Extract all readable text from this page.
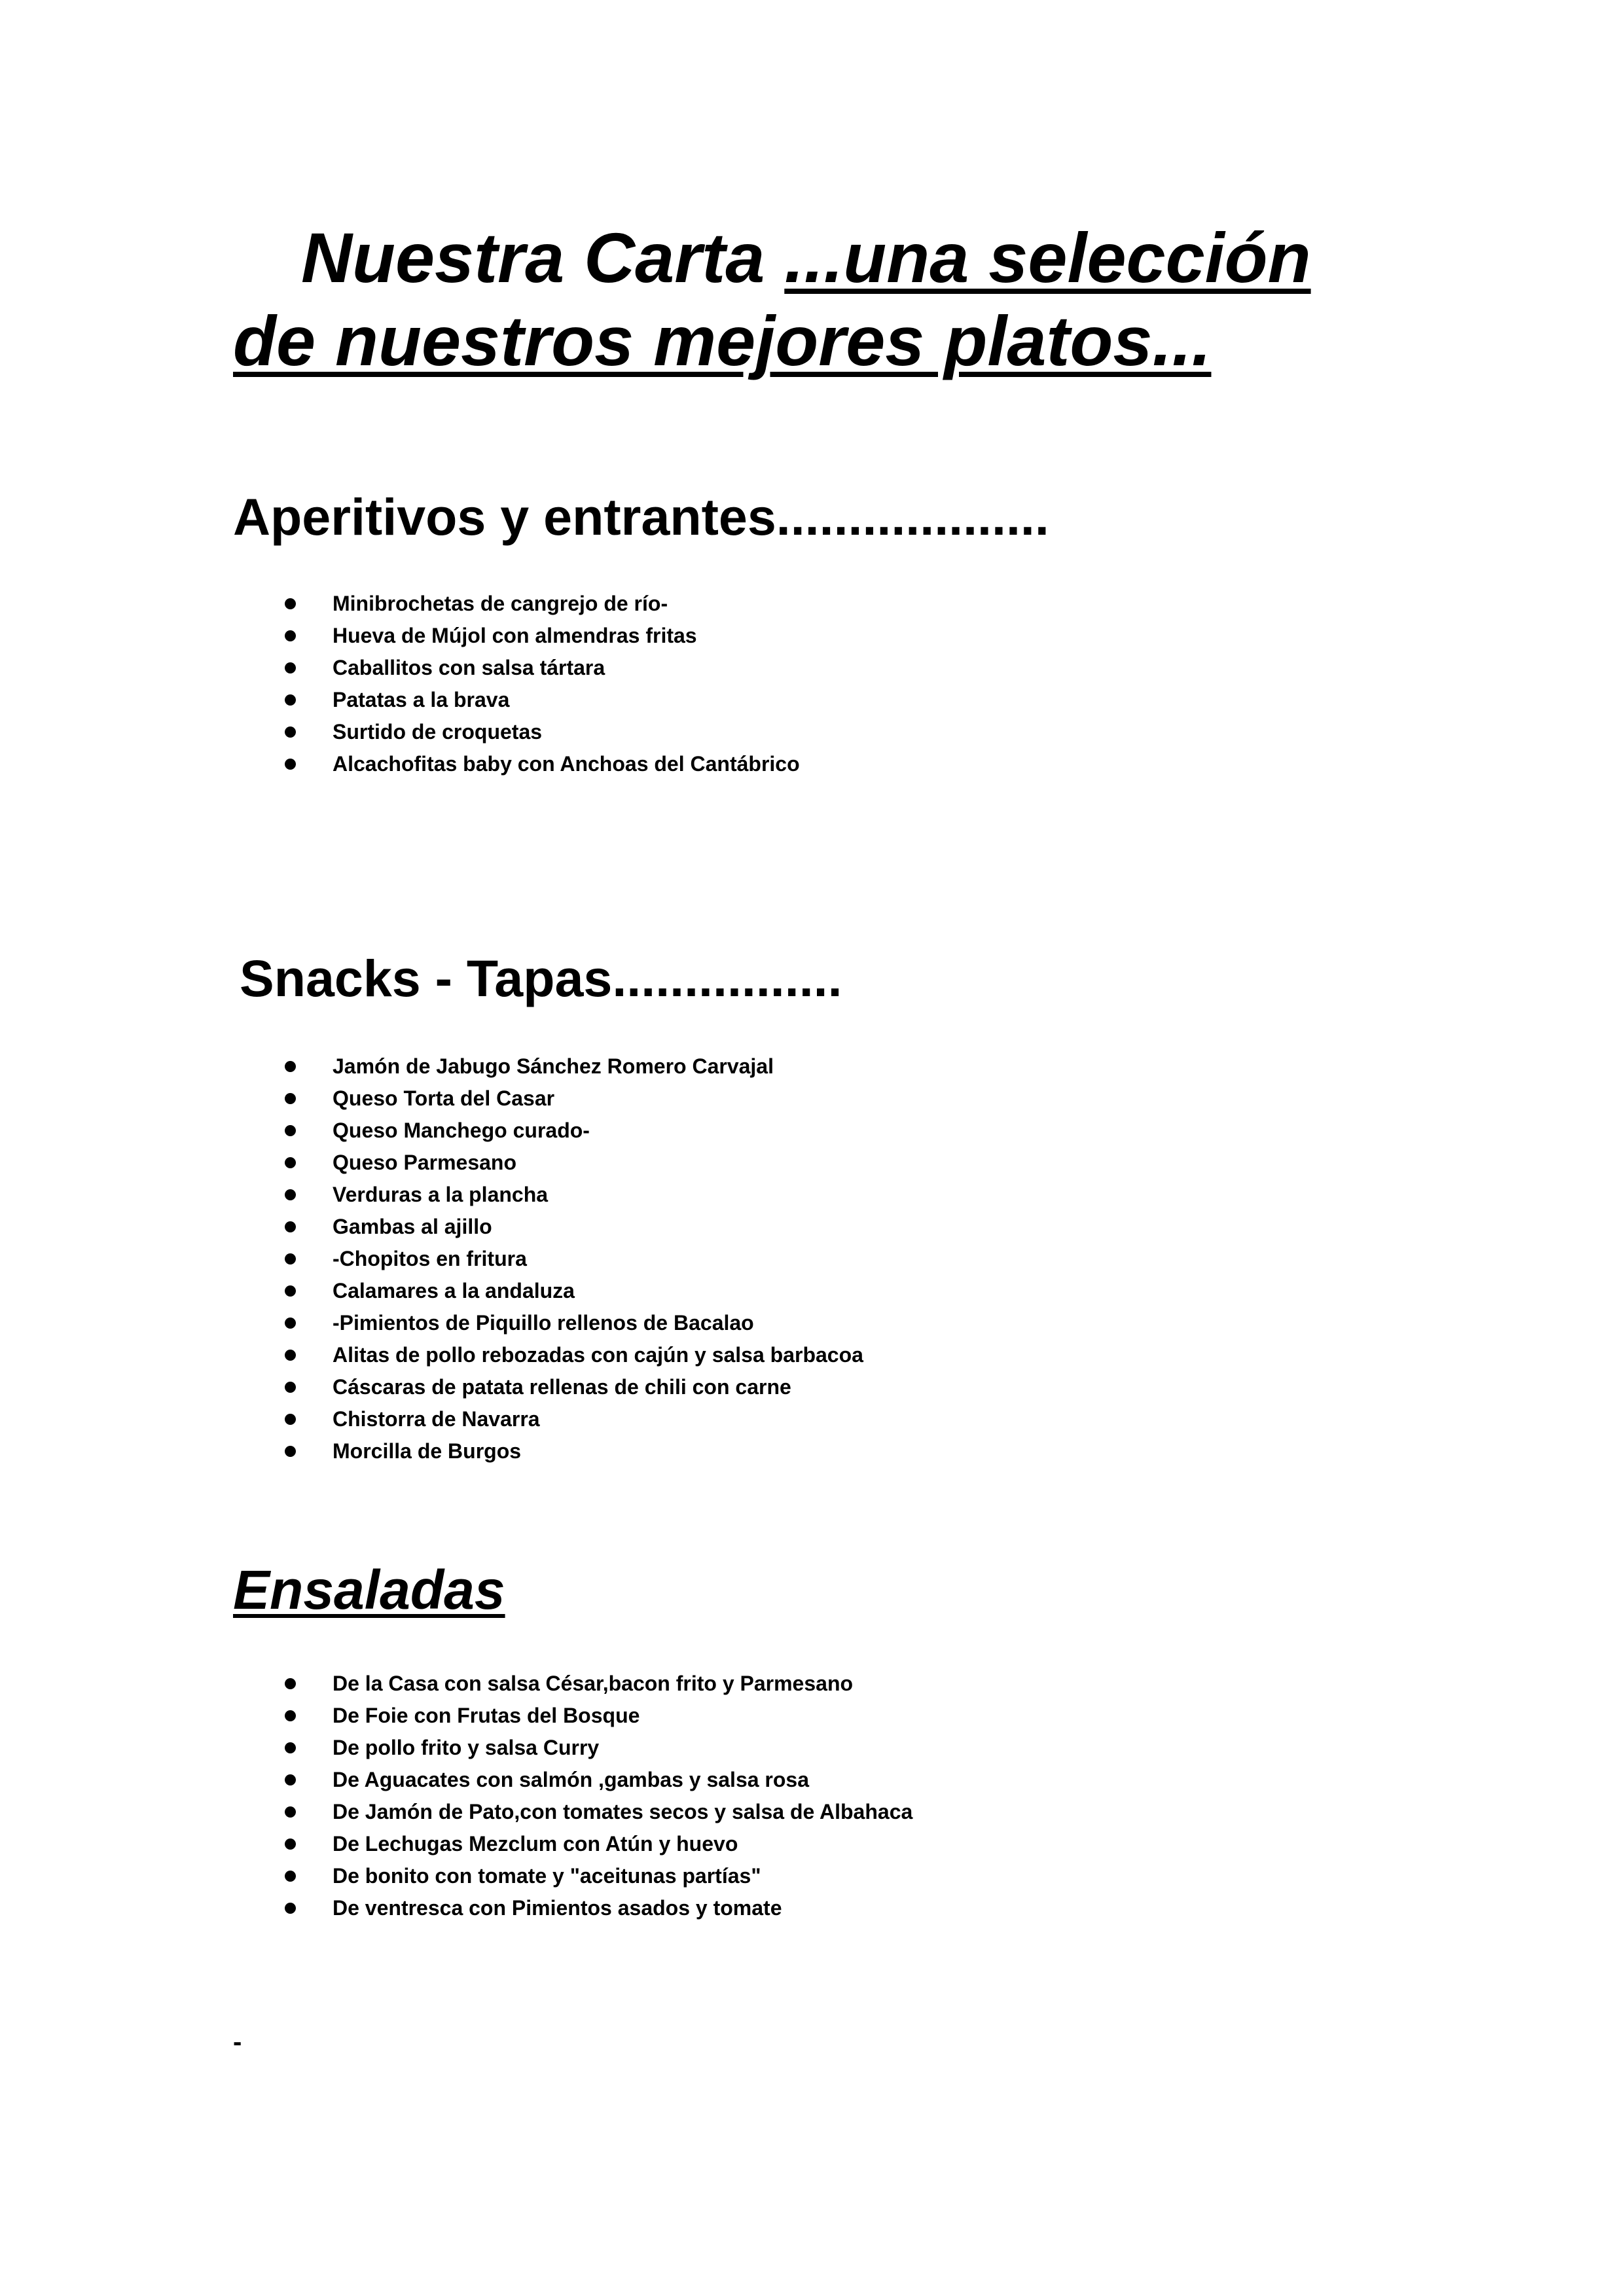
Nuestra Carta ...una selección de nuestros mejores platos...
Aperitivos y entrantes...................
Minibrochetas de cangrejo de río-
Hueva de Mújol con almendras fritas
Caballitos con salsa tártara
Patatas a la brava
Surtido de croquetas
Alcachofitas baby con Anchoas del Cantábrico
Snacks - Tapas................
Jamón de Jabugo Sánchez Romero Carvajal
Queso Torta del Casar
Queso Manchego curado-
Queso Parmesano
Verduras a la plancha
Gambas al ajillo
-Chopitos en fritura
Calamares a la andaluza
-Pimientos de Piquillo rellenos de Bacalao
Alitas de pollo rebozadas con cajún y salsa barbacoa
Cáscaras de patata rellenas de chili con carne
Chistorra de Navarra
Morcilla de Burgos
Ensaladas
De la Casa con salsa César,bacon frito y Parmesano
De Foie con Frutas del Bosque
De pollo frito y salsa Curry
De Aguacates con salmón ,gambas y salsa rosa
De Jamón de Pato,con tomates secos y salsa de Albahaca
De Lechugas Mezclum con Atún y huevo
De bonito con tomate y "aceitunas partías"
De ventresca con Pimientos asados y tomate
-
